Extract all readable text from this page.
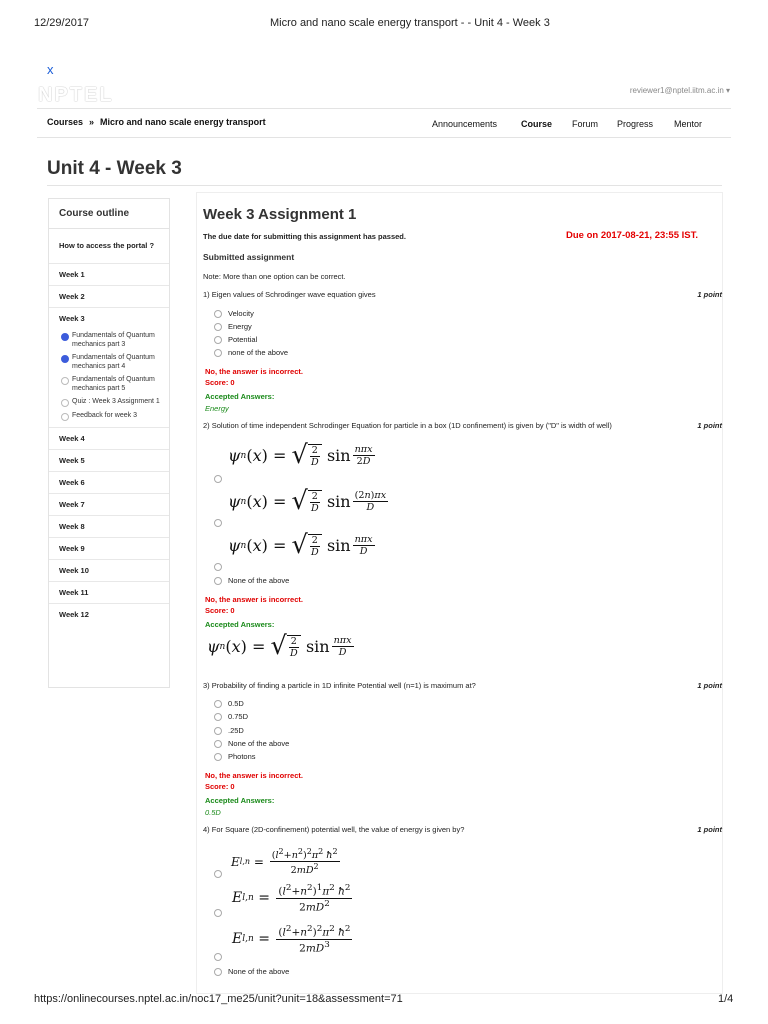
12/29/2017	Micro and nano scale energy transport - - Unit 4 - Week 3
https://onlinecourses.nptel.ac.in/noc17_me25/unit?unit=18&assessment=71	1/4
x
NPTEL	reviewer1@nptel.iitm.ac.in ▾
Courses » Micro and nano scale energy transport	Announcements	Course Forum Progress Mentor
Unit 4 - Week 3
Course outline
How to access the portal ?
Week 1
Week 2
Week 3
Fundamentals of Quantum mechanics part 3
Fundamentals of Quantum mechanics part 4
Fundamentals of Quantum mechanics part 5
Quiz : Week 3 Assignment 1
Feedback for week 3
Week 4
Week 5
Week 6
Week 7
Week 8
Week 9
Week 10
Week 11
Week 12
Week 3 Assignment 1
The due date for submitting this assignment has passed.	Due on 2017-08-21, 23:55 IST.
Submitted assignment
Note: More than one option can be correct.
1) Eigen values of Schrodinger wave equation gives	1 point
Velocity
Energy
Potential
none of the above
No, the answer is incorrect.
Score: 0
Accepted Answers:
Energy
2) Solution of time independent Schrodinger Equation for particle in a box (1D confinement) is given by ("D" is width of well)	1 point
ψ n ( x ) = √ $\frac{2}{D}$ $\sin \frac{\text{nπx}}{2D}$
ψ n ( x ) = √ $\frac{2}{D}$ $\sin \frac{(2n)\pi x}{D}$
ψ n ( x ) = √ $\frac{2}{D}$ $\sin \frac{\text{nπx}}{D}$
None of the above
No, the answer is incorrect.
Score: 0
Accepted Answers:
ψ n ( x ) = √ $\frac{2}{D}$ $\sin \frac{\text{nπx}}{D}$
3) Probability of finding a particle in 1D infinite Potential well (n=1) is maximum at?	1 point
0.5D
0.75D
.25D
None of the above
Photons
No, the answer is incorrect.
Score: 0
Accepted Answers:
0.5D
4) For Square (2D-confinement) potential well, the value of energy is given by?	1 point
E $l,n = \frac{(l^2+n^2)^2\pi^2 ħ^2}{2mD^2}$
E $l,n = \frac{(l^2+n^2)^1\pi^2 ħ^2}{2mD^2}$
E $l,n = \frac{(l^2+n^2)^2\pi^2 ħ^2}{2mD^3}$
None of the above
